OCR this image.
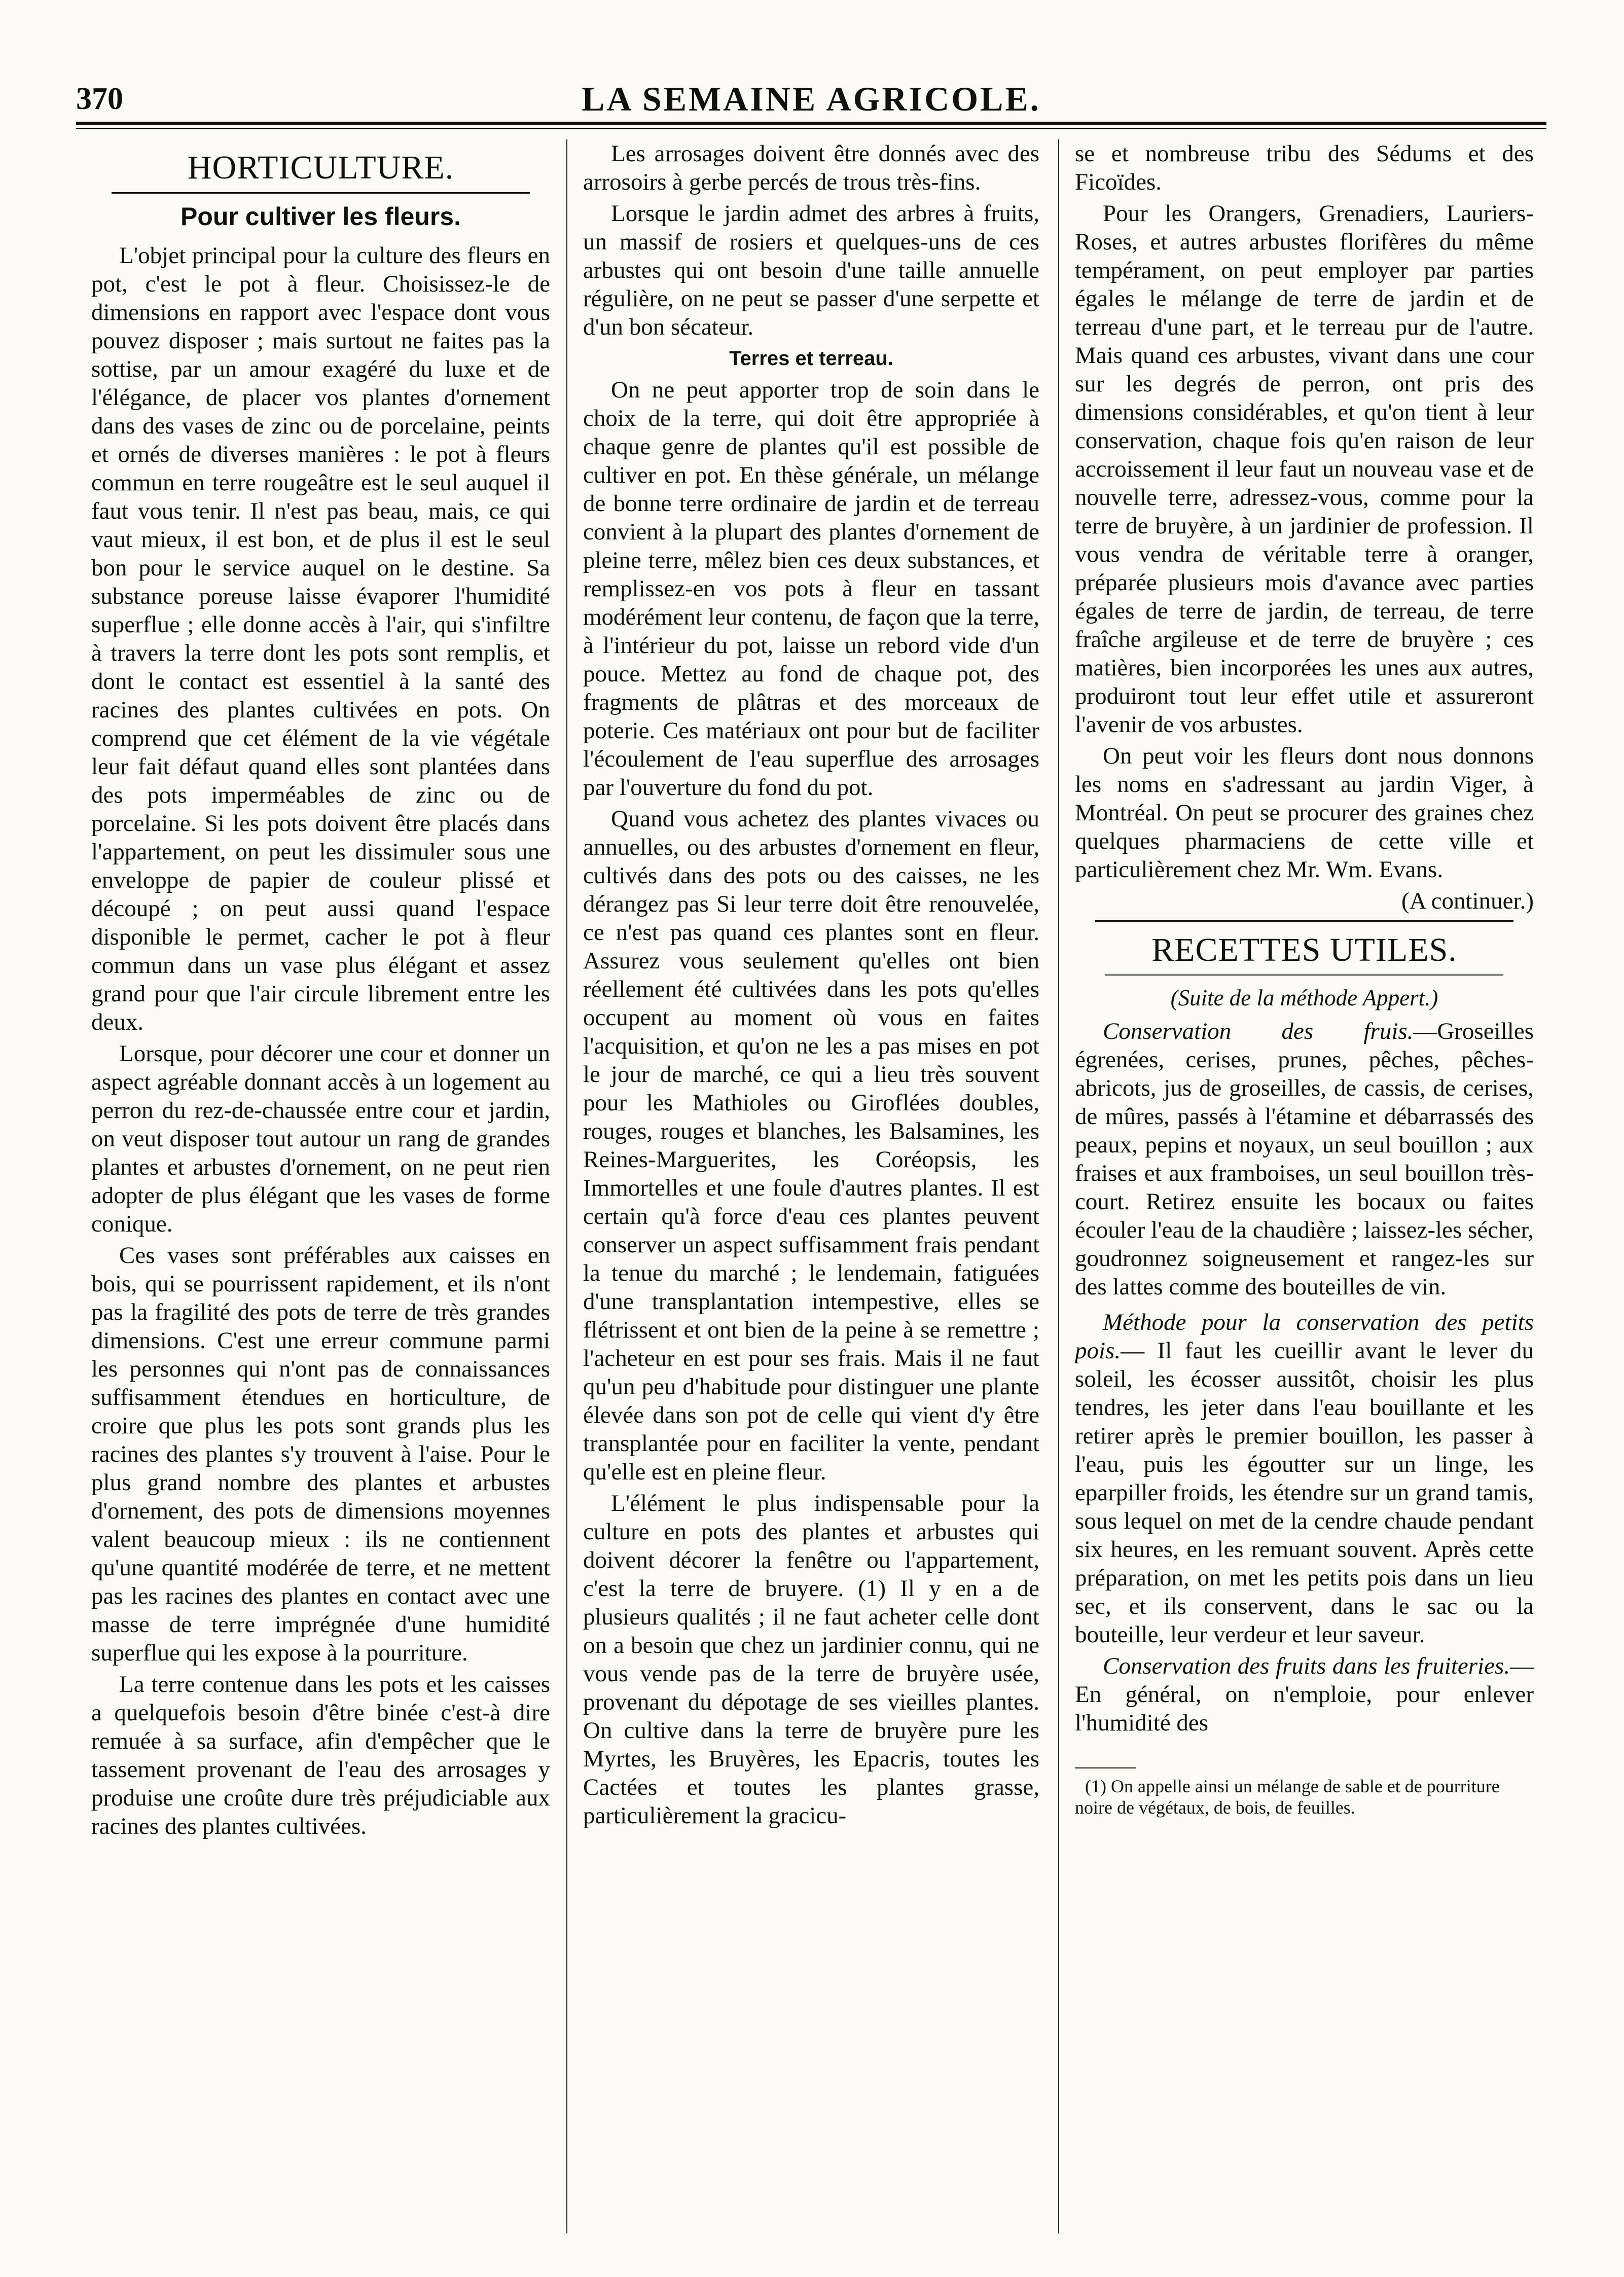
370	LA SEMAINE AGRICOLE.
HORTICULTURE.
Pour cultiver les fleurs.

L'objet principal pour la culture des fleurs en pot, c'est le pot à fleur. Choisissez-le de dimensions en rapport avec l'espace dont vous pouvez disposer ; mais surtout ne faites pas la sottise, par un amour exagéré du luxe et de l'élégance, de placer vos plantes d'ornement dans des vases de zinc ou de porcelaine, peints et ornés de diverses manières : le pot à fleurs commun en terre rougeâtre est le seul auquel il faut vous tenir. Il n'est pas beau, mais, ce qui vaut mieux, il est bon, et de plus il est le seul bon pour le service auquel on le destine. Sa substance poreuse laisse évaporer l'humidité superflue ; elle donne accès à l'air, qui s'infiltre à travers la terre dont les pots sont remplis, et dont le contact est essentiel à la santé des racines des plantes cultivées en pots. On comprend que cet élément de la vie végétale leur fait défaut quand elles sont plantées dans des pots imperméables de zinc ou de porcelaine. Si les pots doivent être placés dans l'appartement, on peut les dissimuler sous une enveloppe de papier de couleur plissé et découpé ; on peut aussi quand l'espace disponible le permet, cacher le pot à fleur commun dans un vase plus élégant et assez grand pour que l'air circule librement entre les deux.

Lorsque, pour décorer une cour et donner un aspect agréable donnant accès à un logement au perron du rez-de-chaussée entre cour et jardin, on veut disposer tout autour un rang de grandes plantes et arbustes d'ornement, on ne peut rien adopter de plus élégant que les vases de forme conique.

Ces vases sont préférables aux caisses en bois, qui se pourrissent rapidement, et ils n'ont pas la fragilité des pots de terre de très grandes dimensions. C'est une erreur commune parmi les personnes qui n'ont pas de connaissances suffisamment étendues en horticulture, de croire que plus les pots sont grands plus les racines des plantes s'y trouvent à l'aise. Pour le plus grand nombre des plantes et arbustes d'ornement, des pots de dimensions moyennes valent beaucoup mieux : ils ne contiennent qu'une quantité modérée de terre, et ne mettent pas les racines des plantes en contact avec une masse de terre imprégnée d'une humidité superflue qui les expose à la pourriture.

La terre contenue dans les pots et les caisses a quelquefois besoin d'être binée c'est-à dire remuée à sa surface, afin d'empêcher que le tassement provenant de l'eau des arrosages y produise une croûte dure très préjudiciable aux racines des plantes cultivées.

Les arrosages doivent être donnés avec des arrosoirs à gerbe percés de trous très-fins.

Lorsque le jardin admet des arbres à fruits, un massif de rosiers et quelques-uns de ces arbustes qui ont besoin d'une taille annuelle régulière, on ne peut se passer d'une serpette et d'un bon sécateur.

Terres et terreau.

On ne peut apporter trop de soin dans le choix de la terre, qui doit être appropriée à chaque genre de plantes qu'il est possible de cultiver en pot. En thèse générale, un mélange de bonne terre ordinaire de jardin et de terreau convient à la plupart des plantes d'ornement de pleine terre, mêlez bien ces deux substances, et remplissez-en vos pots à fleur en tassant modérément leur contenu, de façon que la terre, à l'intérieur du pot, laisse un rebord vide d'un pouce. Mettez au fond de chaque pot, des fragments de plâtras et des morceaux de poterie. Ces matériaux ont pour but de faciliter l'écoulement de l'eau superflue des arrosages par l'ouverture du fond du pot.

Quand vous achetez des plantes vivaces ou annuelles, ou des arbustes d'ornement en fleur, cultivés dans des pots ou des caisses, ne les dérangez pas Si leur terre doit être renouvelée, ce n'est pas quand ces plantes sont en fleur. Assurez vous seulement qu'elles ont bien réellement été cultivées dans les pots qu'elles occupent au moment où vous en faites l'acquisition, et qu'on ne les a pas mises en pot le jour de marché, ce qui a lieu très souvent pour les Mathioles ou Giroflées doubles, rouges, rouges et blanches, les Balsamines, les Reines-Marguerites, les Coréopsis, les Immortelles et une foule d'autres plantes. Il est certain qu'à force d'eau ces plantes peuvent conserver un aspect suffisamment frais pendant la tenue du marché ; le lendemain, fatiguées d'une transplantation intempestive, elles se flétrissent et ont bien de la peine à se remettre ; l'acheteur en est pour ses frais. Mais il ne faut qu'un peu d'habitude pour distinguer une plante élevée dans son pot de celle qui vient d'y être transplantée pour en faciliter la vente, pendant qu'elle est en pleine fleur.

L'élément le plus indispensable pour la culture en pots des plantes et arbustes qui doivent décorer la fenêtre ou l'appartement, c'est la terre de bruyere. (1) Il y en a de plusieurs qualités ; il ne faut acheter celle dont on a besoin que chez un jardinier connu, qui ne vous vende pas de la terre de bruyère usée, provenant du dépotage de ses vieilles plantes. On cultive dans la terre de bruyère pure les Myrtes, les Bruyères, les Epacris, toutes les Cactées et toutes les plantes grasse, particulièrement la gracicu-

se et nombreuse tribu des Sédums et des Ficoïdes.

Pour les Orangers, Grenadiers, Lauriers-Roses, et autres arbustes florifères du même tempérament, on peut employer par parties égales le mélange de terre de jardin et de terreau d'une part, et le terreau pur de l'autre. Mais quand ces arbustes, vivant dans une cour sur les degrés de perron, ont pris des dimensions considérables, et qu'on tient à leur conservation, chaque fois qu'en raison de leur accroissement il leur faut un nouveau vase et de nouvelle terre, adressez-vous, comme pour la terre de bruyère, à un jardinier de profession. Il vous vendra de véritable terre à oranger, préparée plusieurs mois d'avance avec parties égales de terre de jardin, de terreau, de terre fraîche argileuse et de terre de bruyère ; ces matières, bien incorporées les unes aux autres, produiront tout leur effet utile et assureront l'avenir de vos arbustes.

On peut voir les fleurs dont nous donnons les noms en s'adressant au jardin Viger, à Montréal. On peut se procurer des graines chez quelques pharmaciens de cette ville et particulièrement chez Mr. Wm. Evans.

(A continuer.)
RECETTES UTILES.
(Suite de la méthode Appert.)

Conservation des fruis.—Groseilles égrenées, cerises, prunes, pêches, pêches-abricots, jus de groseilles, de cassis, de cerises, de mûres, passés à l'étamine et débarrassés des peaux, pepins et noyaux, un seul bouillon ; aux fraises et aux framboises, un seul bouillon très-court. Retirez ensuite les bocaux ou faites écouler l'eau de la chaudière ; laissez-les sécher, goudronnez soigneusement et rangez-les sur des lattes comme des bouteilles de vin.

Méthode pour la conservation des petits pois.— Il faut les cueillir avant le lever du soleil, les écosser aussitôt, choisir les plus tendres, les jeter dans l'eau bouillante et les retirer après le premier bouillon, les passer à l'eau, puis les égoutter sur un linge, les eparpiller froids, les étendre sur un grand tamis, sous lequel on met de la cendre chaude pendant six heures, en les remuant souvent. Après cette préparation, on met les petits pois dans un lieu sec, et ils conservent, dans le sac ou la bouteille, leur verdeur et leur saveur.

Conservation des fruits dans les fruiteries.— En général, on n'emploie, pour enlever l'humidité des

(1) On appelle ainsi un mélange de sable et de pourriture noire de végétaux, de bois, de feuilles.
